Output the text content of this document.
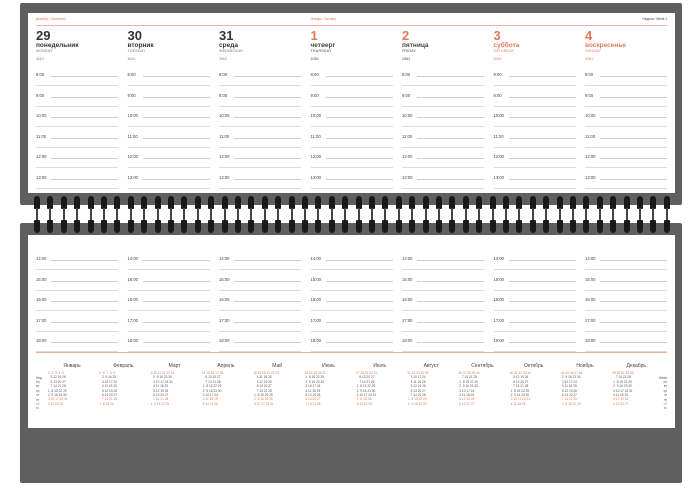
Декабрь / December	Январь / January	Неделя / Week 1
29
понедельник
MONDAY
363/2
8:00
9:00
10:00
11:00
12:00
13:00
30
вторник
TUESDAY
364/1
8:00
9:00
10:00
11:00
12:00
13:00
31
среда
WEDNESDAY
365/0
8:00
9:00
10:00
11:00
12:00
13:00
1
четверг
THURSDAY
1/364
8:00
9:00
10:00
11:00
12:00
13:00
2
пятница
FRIDAY
2/363
8:00
9:00
10:00
11:00
12:00
13:00
3
суббота
SATURDAY
3/362
8:00
9:00
10:00
11:00
12:00
13:00
4
воскресенье
SUNDAY
4/361
8:00
9:00
10:00
11:00
12:00
13:00
14:00
15:00
16:00
17:00
18:00
14:00
15:00
16:00
17:00
18:00
14:00
15:00
16:00
17:00
18:00
14:00
15:00
16:00
17:00
18:00
14:00
15:00
16:00
17:00
18:00
14:00
15:00
16:00
17:00
18:00
14:00
15:00
16:00
17:00
18:00
Нед
пн
вт
ср
чт
пт
сб
вс
Week
пн
вт
ср
чт
пт
сб
вс
Январь
1  2  3  4  5
5 12 19 26
6 13 20 27
7 14 21 28
1  8 15 22 29
2  9 16 23 30
3 10 17 24 31
4 11 18 25
Февраль
5  6  7  8  9
2  9 16 23
3 10 17 24
4 11 18 25
5 12 19 26
6 13 20 27
7 14 21 28
1  8 15 22
Март
9 10 11 12 13 14
2  9 16 23 30
3 10 17 24 31
4 11 18 25
5 12 19 26
6 13 20 27
7 14 21 28
1  8 15 22 29
Апрель
14 15 16 17 18
6 13 20 27
7 14 21 28
1  8 15 22 29
2  9 16 23 30
3 10 17 24
4 11 18 25
5 12 19 26
Май
18 19 20 21 22 23
4 11 18 25
5 12 19 26
6 13 20 27
7 14 21 28
1  8 15 22 29
2  9 16 23 30
3 10 17 24 31
Июнь
23 24 25 26 27
1  8 15 22 29
2  9 16 23 30
3 10 17 24
4 11 18 25
5 12 19 26
6 13 20 27
7 14 21 28
Июль
27 28 29 30 31
6 13 20 27
7 14 21 28
1  8 15 22 29
2  9 16 23 30
3 10 17 24 31
4 11 18 25
5 12 19 26
Август
31 32 33 34 35
3 10 17 24
4 11 18 25
5 12 19 26
6 13 20 27
7 14 21 28
1  8 15 22 29
2  9 16 23 30
Сентябрь
36 37 38 39 40
7 14 21 28
1  8 15 22 29
2  9 16 23 30
3 10 17 24
4 11 18 25
5 12 19 26
6 13 20 27
Октябрь
40 41 42 43 44
5 12 19 26
6 13 20 27
7 14 21 28
1  8 15 22 29
2  9 16 23 30
3 10 17 24 31
4 11 18 25
Ноябрь
44 45 46 47 48
2  9 16 23 30
3 10 17 24
4 11 18 25
5 12 19 26
6 13 20 27
7 14 21 28
1  8 15 22 29
Декабрь
49 50 51 52 53
7 14 21 28
1  8 15 22 29
2  9 16 23 30
3 10 17 24 31
4 11 18 25
5 12 19 26
6 13 20 27
